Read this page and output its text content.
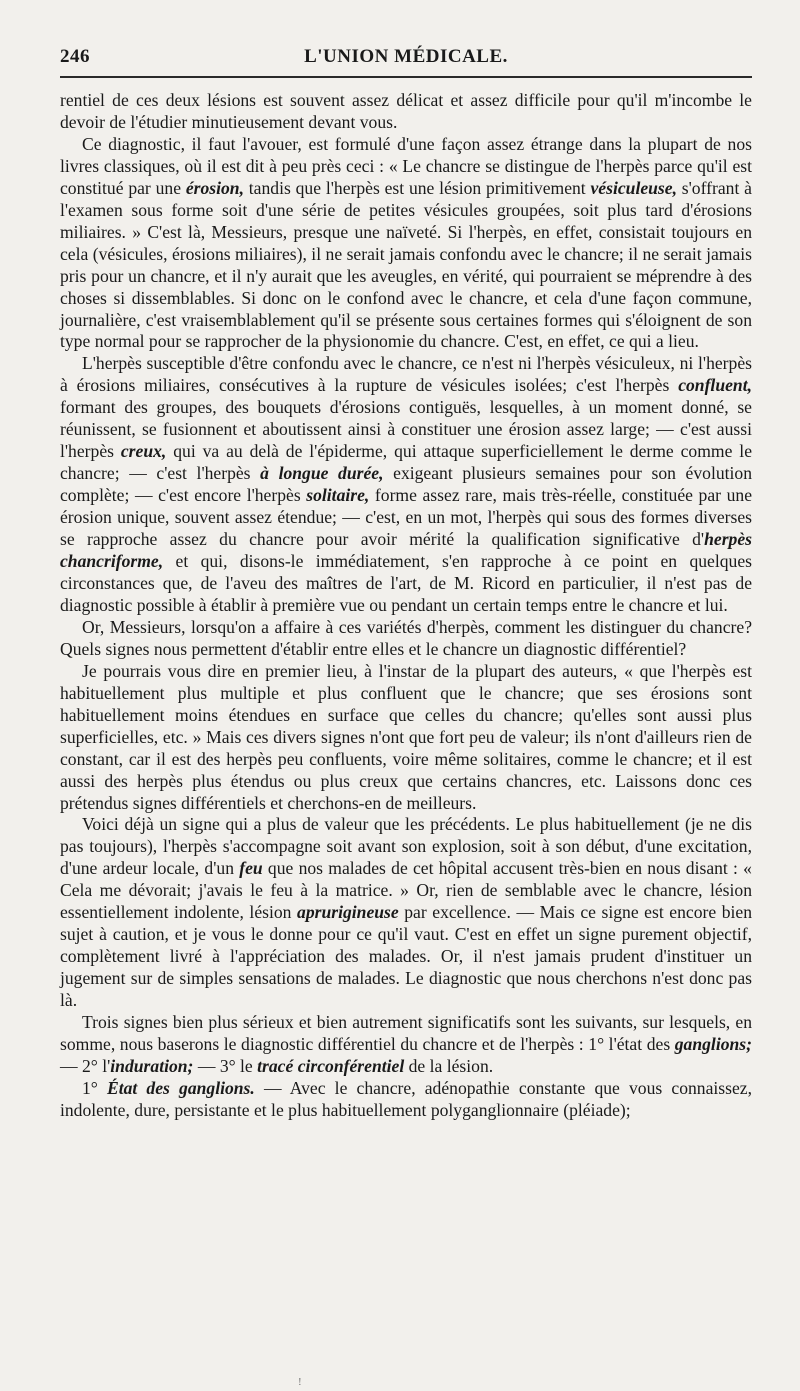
246	L'UNION MÉDICALE.

rentiel de ces deux lésions est souvent assez délicat et assez difficile pour qu'il m'incombe le devoir de l'étudier minutieusement devant vous.

Ce diagnostic, il faut l'avouer, est formulé d'une façon assez étrange dans la plupart de nos livres classiques, où il est dit à peu près ceci : « Le chancre se distingue de l'herpès parce qu'il est constitué par une érosion, tandis que l'herpès est une lésion primitivement vésiculeuse, s'offrant à l'examen sous forme soit d'une série de petites vésicules groupées, soit plus tard d'érosions miliaires. » C'est là, Messieurs, presque une naïveté. Si l'herpès, en effet, consistait toujours en cela (vésicules, érosions miliaires), il ne serait jamais confondu avec le chancre; il ne serait jamais pris pour un chancre, et il n'y aurait que les aveugles, en vérité, qui pourraient se méprendre à des choses si dissemblables. Si donc on le confond avec le chancre, et cela d'une façon commune, journalière, c'est vraisemblablement qu'il se présente sous certaines formes qui s'éloignent de son type normal pour se rapprocher de la physionomie du chancre. C'est, en effet, ce qui a lieu.

L'herpès susceptible d'être confondu avec le chancre, ce n'est ni l'herpès vésiculeux, ni l'herpès à érosions miliaires, consécutives à la rupture de vésicules isolées; c'est l'herpès confluent, formant des groupes, des bouquets d'érosions contiguës, lesquelles, à un moment donné, se réunissent, se fusionnent et aboutissent ainsi à constituer une érosion assez large; — c'est aussi l'herpès creux, qui va au delà de l'épiderme, qui attaque superficiellement le derme comme le chancre; — c'est l'herpès à longue durée, exigeant plusieurs semaines pour son évolution complète; — c'est encore l'herpès solitaire, forme assez rare, mais très-réelle, constituée par une érosion unique, souvent assez étendue; — c'est, en un mot, l'herpès qui sous des formes diverses se rapproche assez du chancre pour avoir mérité la qualification significative d'herpès chancriforme, et qui, disons-le immédiatement, s'en rapproche à ce point en quelques circonstances que, de l'aveu des maîtres de l'art, de M. Ricord en particulier, il n'est pas de diagnostic possible à établir à première vue ou pendant un certain temps entre le chancre et lui.

Or, Messieurs, lorsqu'on a affaire à ces variétés d'herpès, comment les distinguer du chancre? Quels signes nous permettent d'établir entre elles et le chancre un diagnostic différentiel?

Je pourrais vous dire en premier lieu, à l'instar de la plupart des auteurs, « que l'herpès est habituellement plus multiple et plus confluent que le chancre; que ses érosions sont habituellement moins étendues en surface que celles du chancre; qu'elles sont aussi plus superficielles, etc. » Mais ces divers signes n'ont que fort peu de valeur; ils n'ont d'ailleurs rien de constant, car il est des herpès peu confluents, voire même solitaires, comme le chancre; et il est aussi des herpès plus étendus ou plus creux que certains chancres, etc. Laissons donc ces prétendus signes différentiels et cherchons-en de meilleurs.

Voici déjà un signe qui a plus de valeur que les précédents. Le plus habituellement (je ne dis pas toujours), l'herpès s'accompagne soit avant son explosion, soit à son début, d'une excitation, d'une ardeur locale, d'un feu que nos malades de cet hôpital accusent très-bien en nous disant : « Cela me dévorait; j'avais le feu à la matrice. » Or, rien de semblable avec le chancre, lésion essentiellement indolente, lésion aprurigineuse par excellence. — Mais ce signe est encore bien sujet à caution, et je vous le donne pour ce qu'il vaut. C'est en effet un signe purement objectif, complètement livré à l'appréciation des malades. Or, il n'est jamais prudent d'instituer un jugement sur de simples sensations de malades. Le diagnostic que nous cherchons n'est donc pas là.

Trois signes bien plus sérieux et bien autrement significatifs sont les suivants, sur lesquels, en somme, nous baserons le diagnostic différentiel du chancre et de l'herpès : 1° l'état des ganglions; — 2° l'induration; — 3° le tracé circonférentiel de la lésion.

1° État des ganglions. — Avec le chancre, adénopathie constante que vous connaissez, indolente, dure, persistante et le plus habituellement polyganglionnaire (pléiade);

!
